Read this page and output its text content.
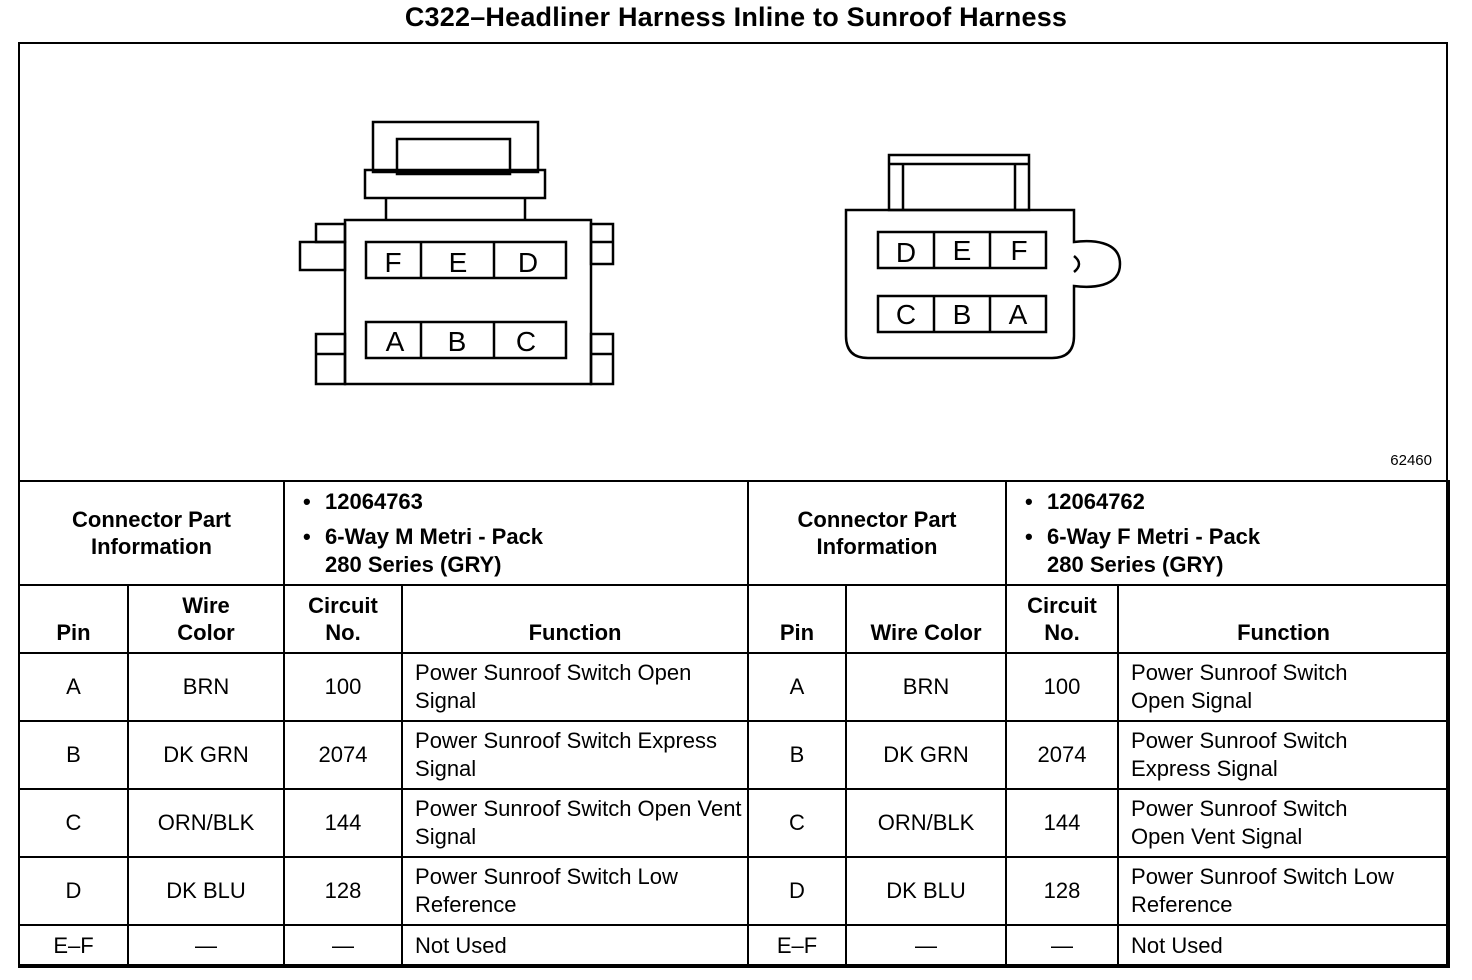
C322–Headliner Harness Inline to Sunroof Harness
F E D
A B C
D E F
C B A
62460
Connector Part Information		• 12064763
• 6-Way M Metri - Pack
280 Series (GRY)

Pin	Wire Color	Circuit No.	Function
A	BRN	100	Power Sunroof Switch Open Signal
B	DK GRN	2074	Power Sunroof Switch Express Signal
C	ORN/BLK	144	Power Sunroof Switch Open Vent Signal
D	DK BLU	128	Power Sunroof Switch Low Reference
E–F	—	—	Not Used
Connector Part Information		• 12064762
• 6-Way F Metri - Pack
280 Series (GRY)

Pin	Wire Color	Circuit No.	Function
A	BRN	100	Power Sunroof Switch Open Signal
B	DK GRN	2074	Power Sunroof Switch Express Signal
C	ORN/BLK	144	Power Sunroof Switch Open Vent Signal
D	DK BLU	128	Power Sunroof Switch Low Reference
E–F	—	—	Not Used
